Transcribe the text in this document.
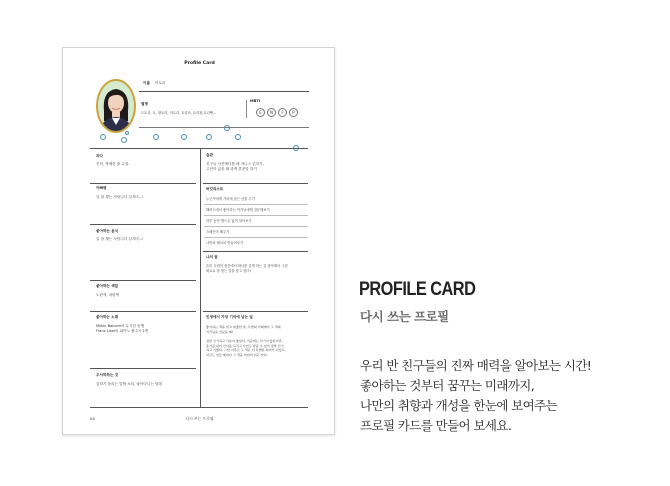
Profile Card
이름 이토리
별명
도토리, 토, 왕토리, 석토리, 토리쓰, 토리왕,토리빵...
MBTI
E	N	F	P
과다
신학, 축제한 줄 수집.
아빠평
길 잘 챙는 사랑니다 길지미...!
좋아하는 음식
길 잘 챙는 사랑니다 길지미...!
좋아하는 색깔
노란색, 파란색
좋아하는 노래
Milkin Balcom의 무시한 동행
Franz Liszt의 피아노 협주곡 1번
우사하하는 것
감하기 돌리는 말할 소리, 날아다니는 벌레
습관
친구들 사진에다를 때 자니스 읽히기,
고민이 있을 때 과게 혼잣말 하기
버킷리스트
누군가에게 가치에 남는 선물 주기
해외으에서 좋아하는 작가님에게 질문해보기
하루 동안 핸드폰 없이 살아보기
스페인어 배우기
나만의 레시피 만들어보기
나의 꿈
흔히 우원이 집중에서 따나를 길게 하는 길 좋아해서 그런
죄요로 잘 찾는 길을 찾고 싶다!
인생에서 가장 기억에 남는 일
좋아하는 책을 읽고 대출한 날, 무엔의 카페에서 그 책의
작가님을 만났을 때!

정말 신기하고 기분이 좋았다. 처음에는 믿기지 않았지만,
용기를 내어 인사를 드리고 사인도 받을 수 있어 정말 신기
하고 기뻤다. 그날 이후로 그 책은 더 특별한 의미가 되었고,
지금도 힘들 때마다 그 책을 꺼내어 읽곤 한다.
04	다시 쓰는 프로필
PROFILE CARD
다시 쓰는 프로필
우리 반 친구들의 진짜 매력을 알아보는 시간!
좋아하는 것부터 꿈꾸는 미래까지,
나만의 취향과 개성을 한눈에 보여주는
프로필 카드를 만들어 보세요.
